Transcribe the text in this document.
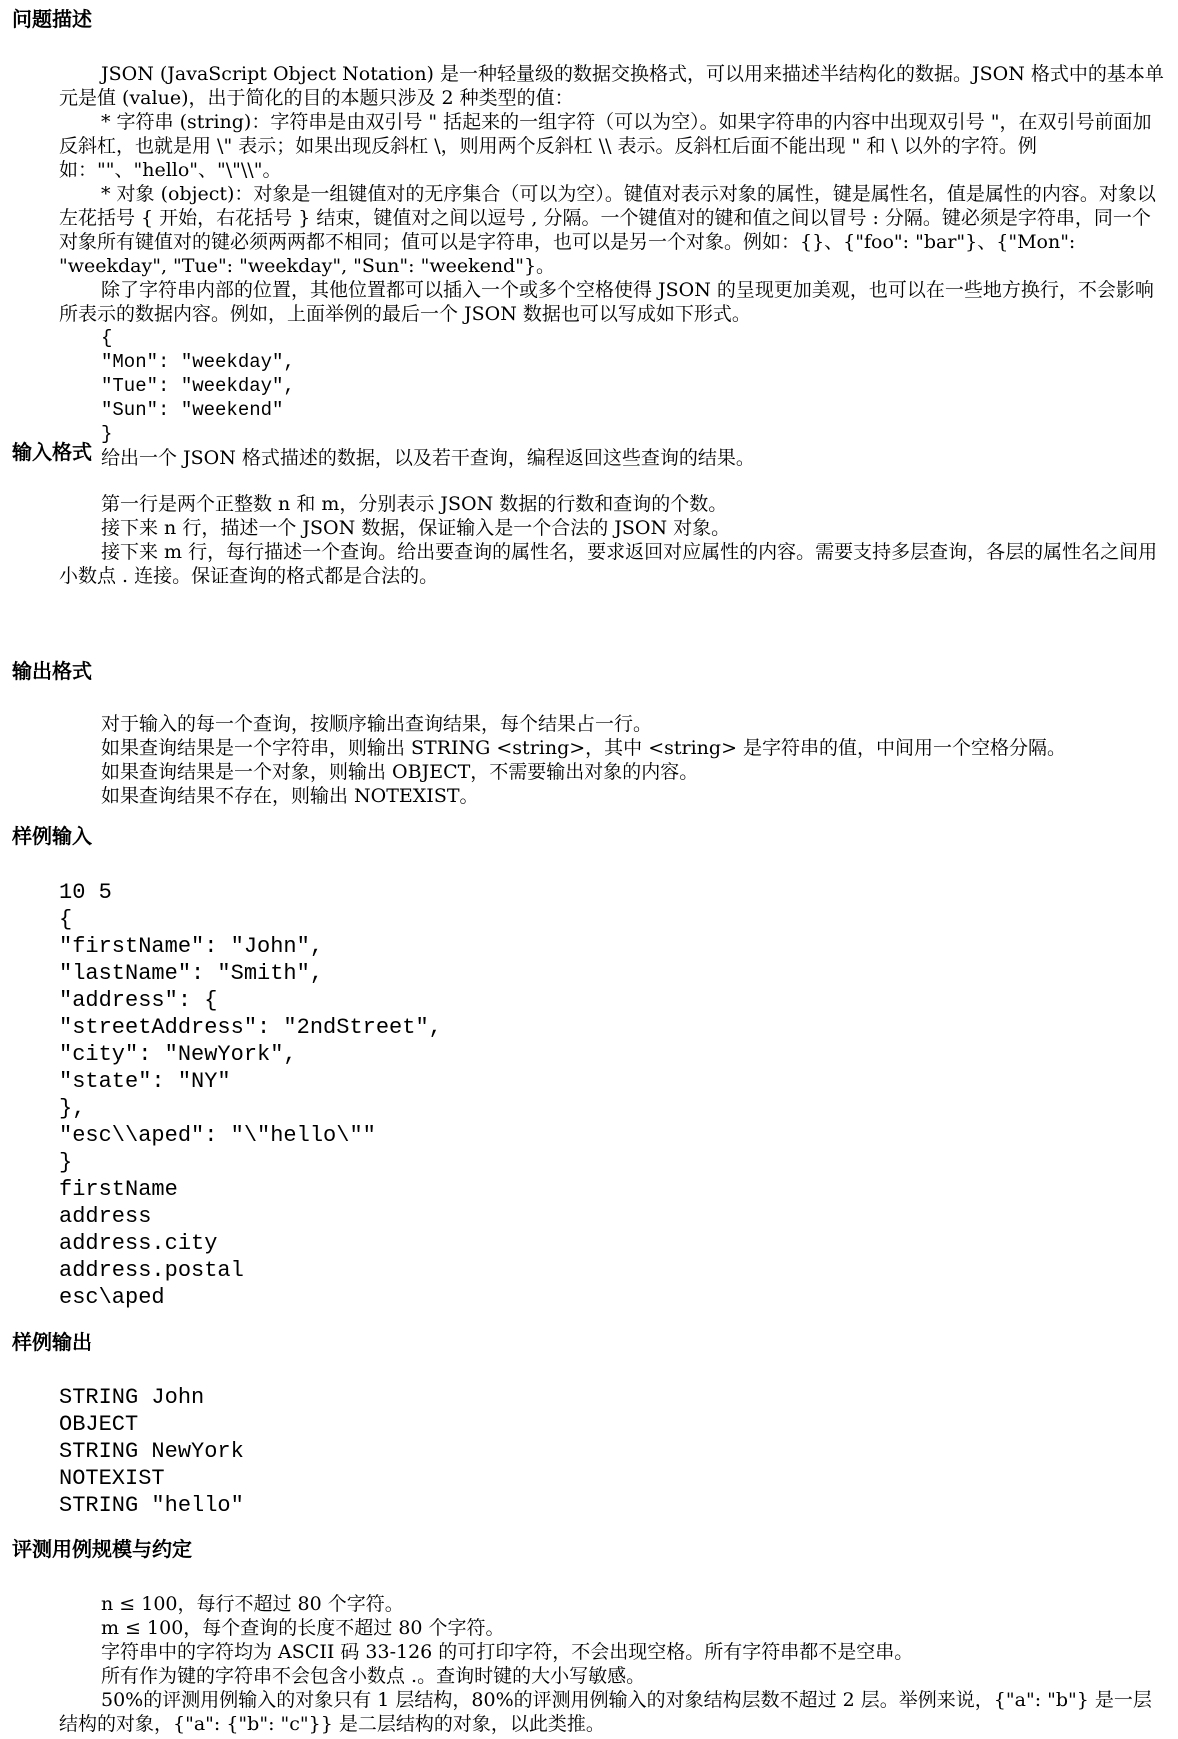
问题描述

JSON (JavaScript Object Notation) 是一种轻量级的数据交换格式，可以用来描述半结构化的数据。JSON 格式中的基本单元是值 (value)，出于简化的目的本题只涉及 2 种类型的值：

* 字符串 (string)：字符串是由双引号 " 括起来的一组字符（可以为空）。如果字符串的内容中出现双引号 "，在双引号前面加反斜杠，也就是用 \" 表示；如果出现反斜杠 \，则用两个反斜杠 \\ 表示。反斜杠后面不能出现 " 和 \ 以外的字符。例如：""、"hello"、"\"\\"。

* 对象 (object)：对象是一组键值对的无序集合（可以为空）。键值对表示对象的属性，键是属性名，值是属性的内容。对象以左花括号 { 开始，右花括号 } 结束，键值对之间以逗号 , 分隔。一个键值对的键和值之间以冒号 : 分隔。键必须是字符串，同一个对象所有键值对的键必须两两都不相同；值可以是字符串，也可以是另一个对象。例如：{}、{"foo": "bar"}、{"Mon": "weekday", "Tue": "weekday", "Sun": "weekend"}。

除了字符串内部的位置，其他位置都可以插入一个或多个空格使得 JSON 的呈现更加美观，也可以在一些地方换行，不会影响所表示的数据内容。例如，上面举例的最后一个 JSON 数据也可以写成如下形式。

{

"Mon": "weekday",

"Tue": "weekday",

"Sun": "weekend"

}

给出一个 JSON 格式描述的数据，以及若干查询，编程返回这些查询的结果。

输入格式

第一行是两个正整数 n 和 m，分别表示 JSON 数据的行数和查询的个数。

接下来 n 行，描述一个 JSON 数据，保证输入是一个合法的 JSON 对象。

接下来 m 行，每行描述一个查询。给出要查询的属性名，要求返回对应属性的内容。需要支持多层查询，各层的属性名之间用小数点 . 连接。保证查询的格式都是合法的。

输出格式

对于输入的每一个查询，按顺序输出查询结果，每个结果占一行。

如果查询结果是一个字符串，则输出 STRING <string>，其中 <string> 是字符串的值，中间用一个空格分隔。

如果查询结果是一个对象，则输出 OBJECT，不需要输出对象的内容。

如果查询结果不存在，则输出 NOTEXIST。

样例输入
10 5
{
"firstName": "John",
"lastName": "Smith",
"address": {
"streetAddress": "2ndStreet",
"city": "NewYork",
"state": "NY"
},
"esc\\aped": "\"hello\""
}
firstName
address
address.city
address.postal
esc\aped
样例输出
STRING John
OBJECT
STRING NewYork
NOTEXIST
STRING "hello"
评测用例规模与约定

n ≤ 100，每行不超过 80 个字符。

m ≤ 100，每个查询的长度不超过 80 个字符。

字符串中的字符均为 ASCII 码 33-126 的可打印字符，不会出现空格。所有字符串都不是空串。

所有作为键的字符串不会包含小数点 .。查询时键的大小写敏感。

50%的评测用例输入的对象只有 1 层结构，80%的评测用例输入的对象结构层数不超过 2 层。举例来说，{"a": "b"} 是一层结构的对象，{"a": {"b": "c"}} 是二层结构的对象，以此类推。
